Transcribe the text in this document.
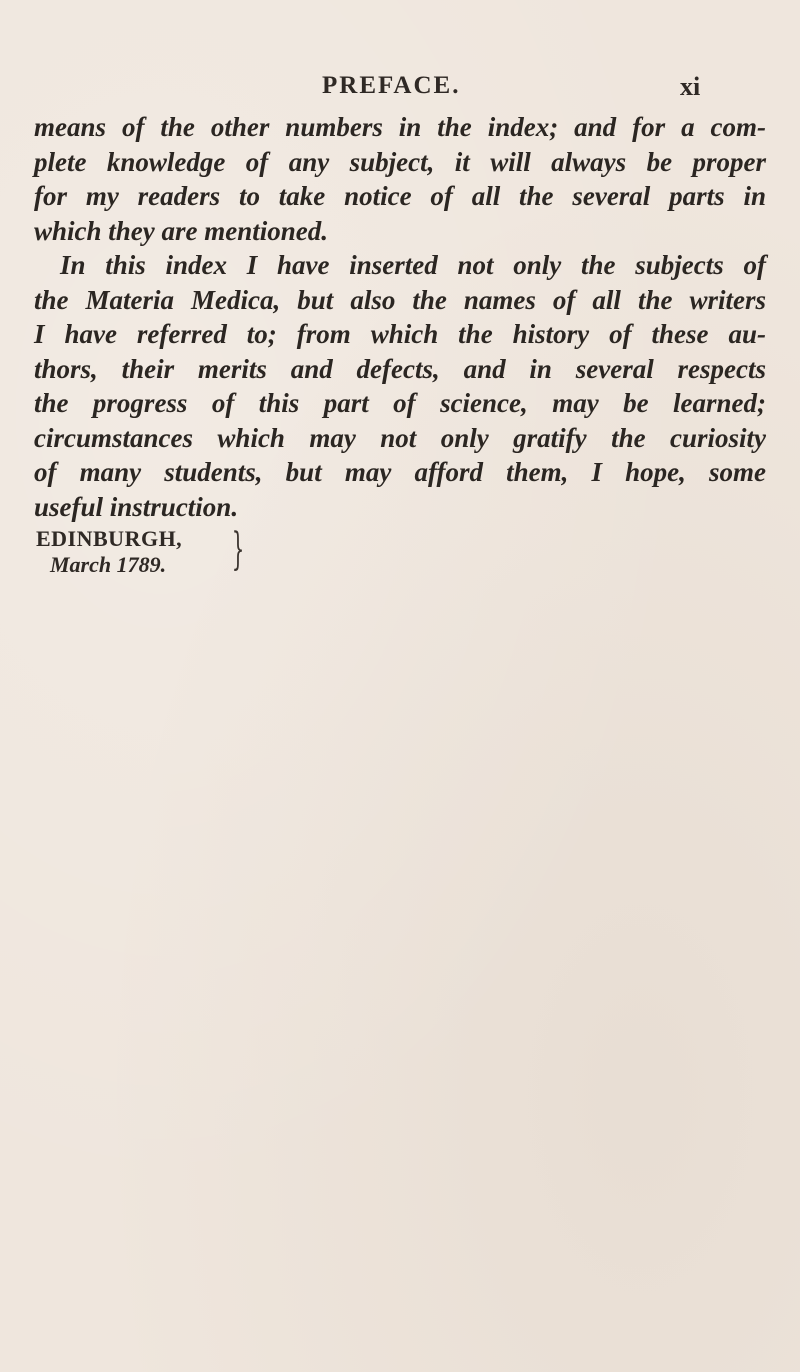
PREFACE.	xi
means of the other numbers in the index; and for a com-
plete knowledge of any subject, it will always be proper
for my readers to take notice of all the several parts in
which they are mentioned.
In this index I have inserted not only the subjects of
the Materia Medica, but also the names of all the writers
I have referred to; from which the history of these au-
thors, their merits and defects, and in several respects
the progress of this part of science, may be learned;
circumstances which may not only gratify the curiosity
of many students, but may afford them, I hope, some
useful instruction.
EDINBURGH,
March 1789.	}
